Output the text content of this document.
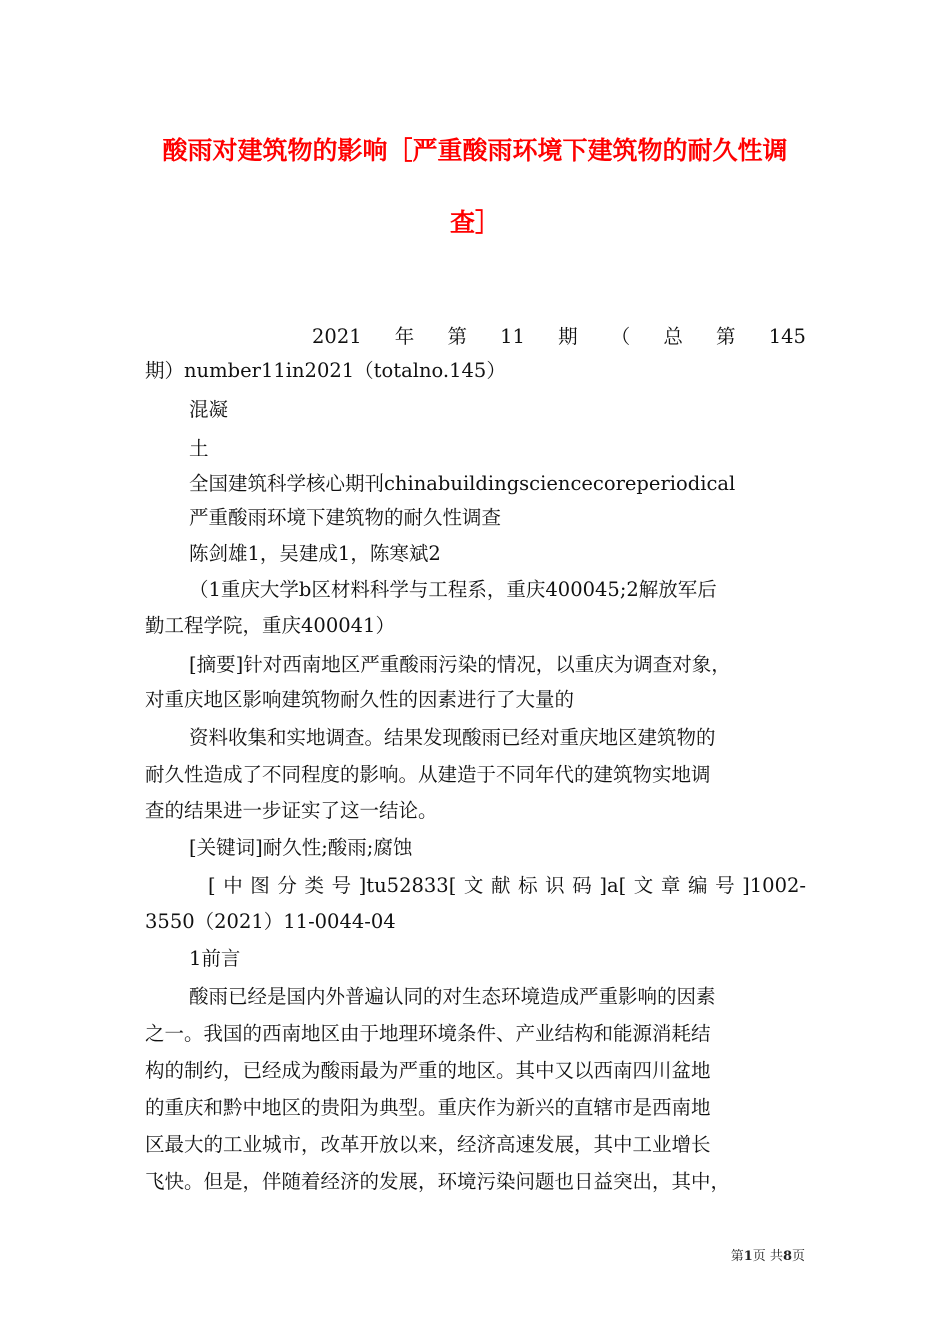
酸雨对建筑物的影响［严重酸雨环境下建筑物的耐久性调
查］
2021 年 第 11 期 （ 总 第 145
期）number11in2021（totalno.145）
混凝
土
全国建筑科学核心期刊chinabuildingsciencecoreperiodical
严重酸雨环境下建筑物的耐久性调查
陈剑雄1，吴建成1，陈寒斌2
（1重庆大学b区材料科学与工程系，重庆400045;2解放军后
勤工程学院，重庆400041）
[摘要]针对西南地区严重酸雨污染的情况，以重庆为调查对象，
对重庆地区影响建筑物耐久性的因素进行了大量的
资料收集和实地调查。结果发现酸雨已经对重庆地区建筑物的
耐久性造成了不同程度的影响。从建造于不同年代的建筑物实地调
查的结果进一步证实了这一结论。
[关键词]耐久性;酸雨;腐蚀
[ 中 图 分 类 号 ]tu52833[ 文 献 标 识 码 ]a[ 文 章 编 号 ]1002-
3550（2021）11-0044-04
1前言
酸雨已经是国内外普遍认同的对生态环境造成严重影响的因素
之一。我国的西南地区由于地理环境条件、产业结构和能源消耗结
构的制约，已经成为酸雨最为严重的地区。其中又以西南四川盆地
的重庆和黔中地区的贵阳为典型。重庆作为新兴的直辖市是西南地
区最大的工业城市，改革开放以来，经济高速发展，其中工业增长
飞快。但是，伴随着经济的发展，环境污染问题也日益突出，其中，
第1页 共8页
